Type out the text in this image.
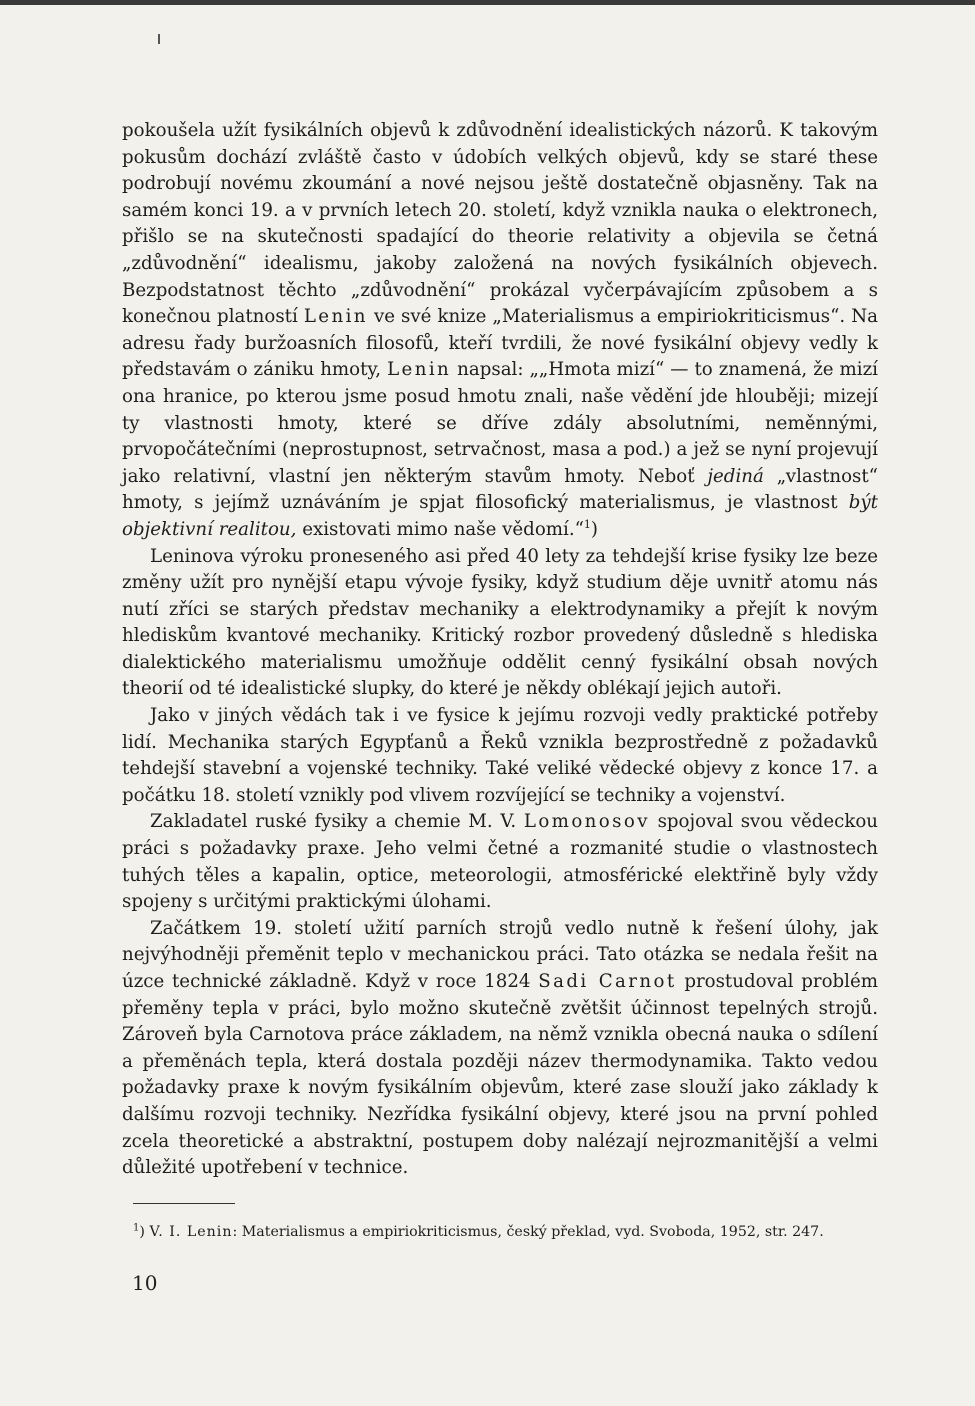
pokoušela užít fysikálních objevů k zdůvodnění idealistických názorů. K takovým pokusům dochází zvláště často v údobích velkých objevů, kdy se staré these podrobují novému zkoumání a nové nejsou ještě dostatečně objasněny. Tak na samém konci 19. a v prvních letech 20. století, když vznikla nauka o elektronech, přišlo se na skutečnosti spadající do theorie relativity a objevila se četná „zdůvodnění“ idealismu, jakoby založená na nových fysikálních objevech. Bezpodstatnost těchto „zdůvodnění“ prokázal vyčerpávajícím způsobem a s konečnou platností Lenin ve své knize „Materialismus a empiriokriticismus“. Na adresu řady buržoasních filosofů, kteří tvrdili, že nové fysikální objevy vedly k představám o zániku hmoty, Lenin napsal: „„Hmota mizí“ — to znamená, že mizí ona hranice, po kterou jsme posud hmotu znali, naše vědění jde hlouběji; mizejí ty vlastnosti hmoty, které se dříve zdály absolutními, neměnnými, prvopočátečními (neprostupnost, setrvačnost, masa a pod.) a jež se nyní projevují jako relativní, vlastní jen některým stavům hmoty. Neboť jediná „vlastnost“ hmoty, s jejímž uznáváním je spjat filosofický materialismus, je vlastnost být objektivní realitou, existovati mimo naše vědomí.“$^1$)

Leninova výroku proneseného asi před 40 lety za tehdejší krise fysiky lze beze změny užít pro nynější etapu vývoje fysiky, když studium děje uvnitř atomu nás nutí zříci se starých představ mechaniky a elektrodynamiky a přejít k novým hlediskům kvantové mechaniky. Kritický rozbor provedený důsledně s hlediska dialektického materialismu umožňuje oddělit cenný fysikální obsah nových theorií od té idealistické slupky, do které je někdy oblékají jejich autoři.

Jako v jiných vědách tak i ve fysice k jejímu rozvoji vedly praktické potřeby lidí. Mechanika starých Egypťanů a Řeků vznikla bezprostředně z požadavků tehdejší stavební a vojenské techniky. Také veliké vědecké objevy z konce 17. a počátku 18. století vznikly pod vlivem rozvíjející se techniky a vojenství.

Zakladatel ruské fysiky a chemie M. V. Lomonosov spojoval svou vědeckou práci s požadavky praxe. Jeho velmi četné a rozmanité studie o vlastnostech tuhých těles a kapalin, optice, meteorologii, atmosférické elektřině byly vždy spojeny s určitými praktickými úlohami.

Začátkem 19. století užití parních strojů vedlo nutně k řešení úlohy, jak nejvýhodněji přeměnit teplo v mechanickou práci. Tato otázka se nedala řešit na úzce technické základně. Když v roce 1824 Sadi Carnot prostudoval problém přeměny tepla v práci, bylo možno skutečně zvětšit účinnost tepelných strojů. Zároveň byla Carnotova práce základem, na němž vznikla obecná nauka o sdílení a přeměnách tepla, která dostala později název thermodynamika. Takto vedou požadavky praxe k novým fysikálním objevům, které zase slouží jako základy k dalšímu rozvoji techniky. Nezřídka fysikální objevy, které jsou na první pohled zcela theoretické a abstraktní, postupem doby nalézají nejrozmanitější a velmi důležité upotřebení v technice.

$^1$) V. I. Lenin: Materialismus a empiriokriticismus, český překlad, vyd. Svoboda, 1952, str. 247.
10
